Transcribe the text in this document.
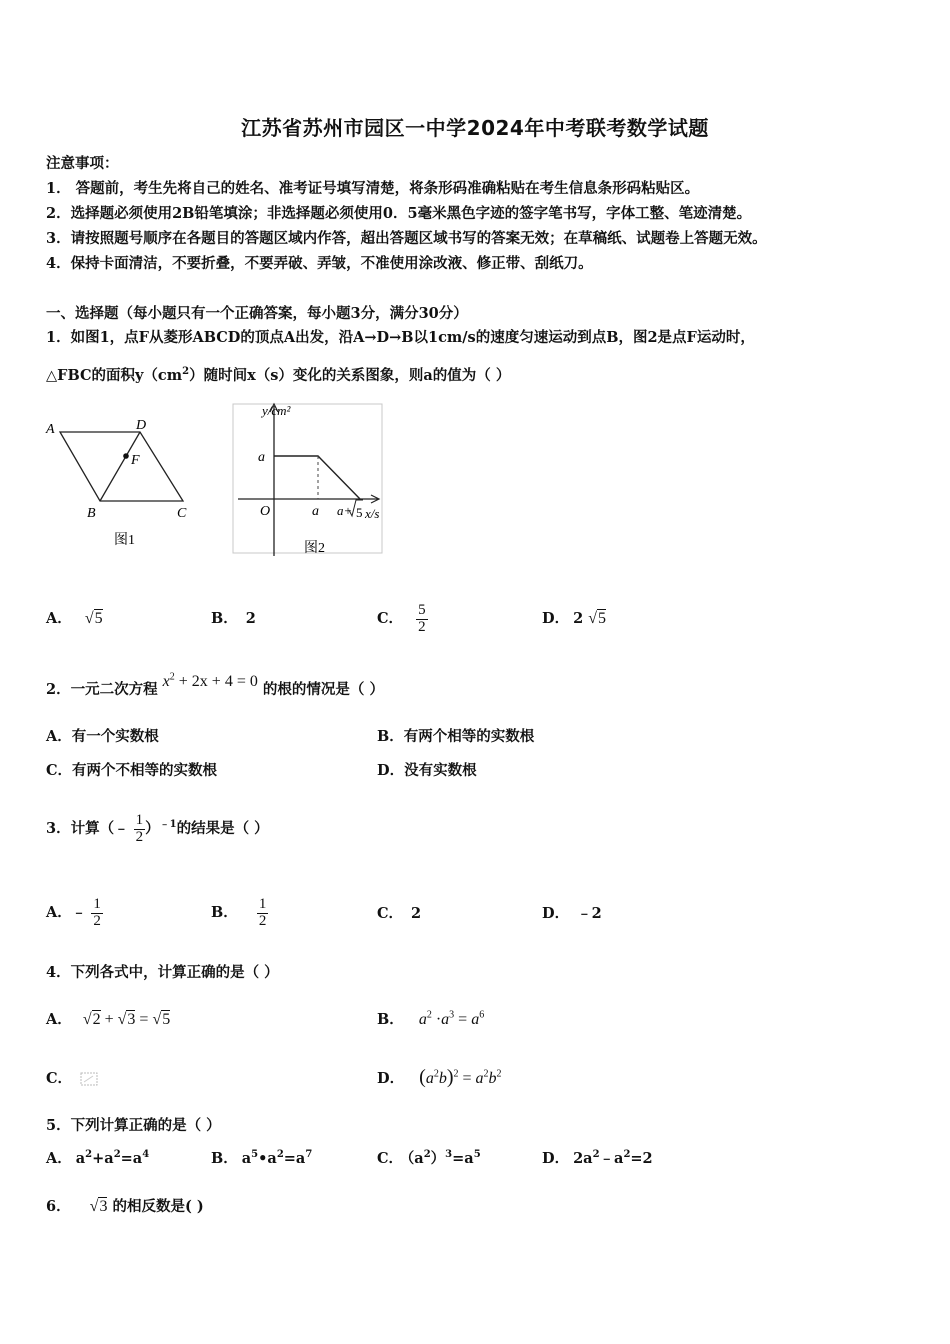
江苏省苏州市园区一中学2024年中考联考数学试题
注意事项：
1． 答题前，考生先将自己的姓名、准考证号填写清楚，将条形码准确粘贴在考生信息条形码粘贴区。
2．选择题必须使用2B铅笔填涂；非选择题必须使用0．5毫米黑色字迹的签字笔书写，字体工整、笔迹清楚。
3．请按照题号顺序在各题目的答题区域内作答，超出答题区域书写的答案无效；在草稿纸、试题卷上答题无效。
4．保持卡面清洁，不要折叠，不要弄破、弄皱，不准使用涂改液、修正带、刮纸刀。
一、选择题（每小题只有一个正确答案，每小题3分，满分30分）
1．如图1，点F从菱形ABCD的顶点A出发，沿A→D→B以1cm/s的速度匀速运动到点B，图2是点F运动时，
△FBC的面积$y(cm^2)$随时间x（s）变化的关系图象，则a的值为（ ）
A	D
F
B	C
图1
y/cm²
a
O	a a+ 5 x/s
图2
A． √5	B． 2	C． $\frac{5}{2}$	D． 2 √5
2．一元二次方程 $x^2 + 2x + 4 = 0$ 的根的情况是（ ）
A．有一个实数根	B．有两个相等的实数根
C．有两个不相等的实数根	D．没有实数根
3．计算（﹣ $\frac{1}{2} )^{﹣1}$的结果是（ ）
A．﹣ $\frac{1}{2}$	B． $\frac{1}{2}$	C． 2	D． ﹣2
4．下列各式中，计算正确的是（ ）
A． √2 + √3 = √5	B． $a^2 \cdot a^3 = a^6$
C．	D． $(a^2b)^2 = a^2b^2$
5．下列计算正确的是（ ）
A． $a^2+a^2=a^4$	B． $a^5•a^2=a^7$	C． $(a^2)^3=a^5$	D． $2a^2﹣a^2=2$
6． √3 的相反数是( )
